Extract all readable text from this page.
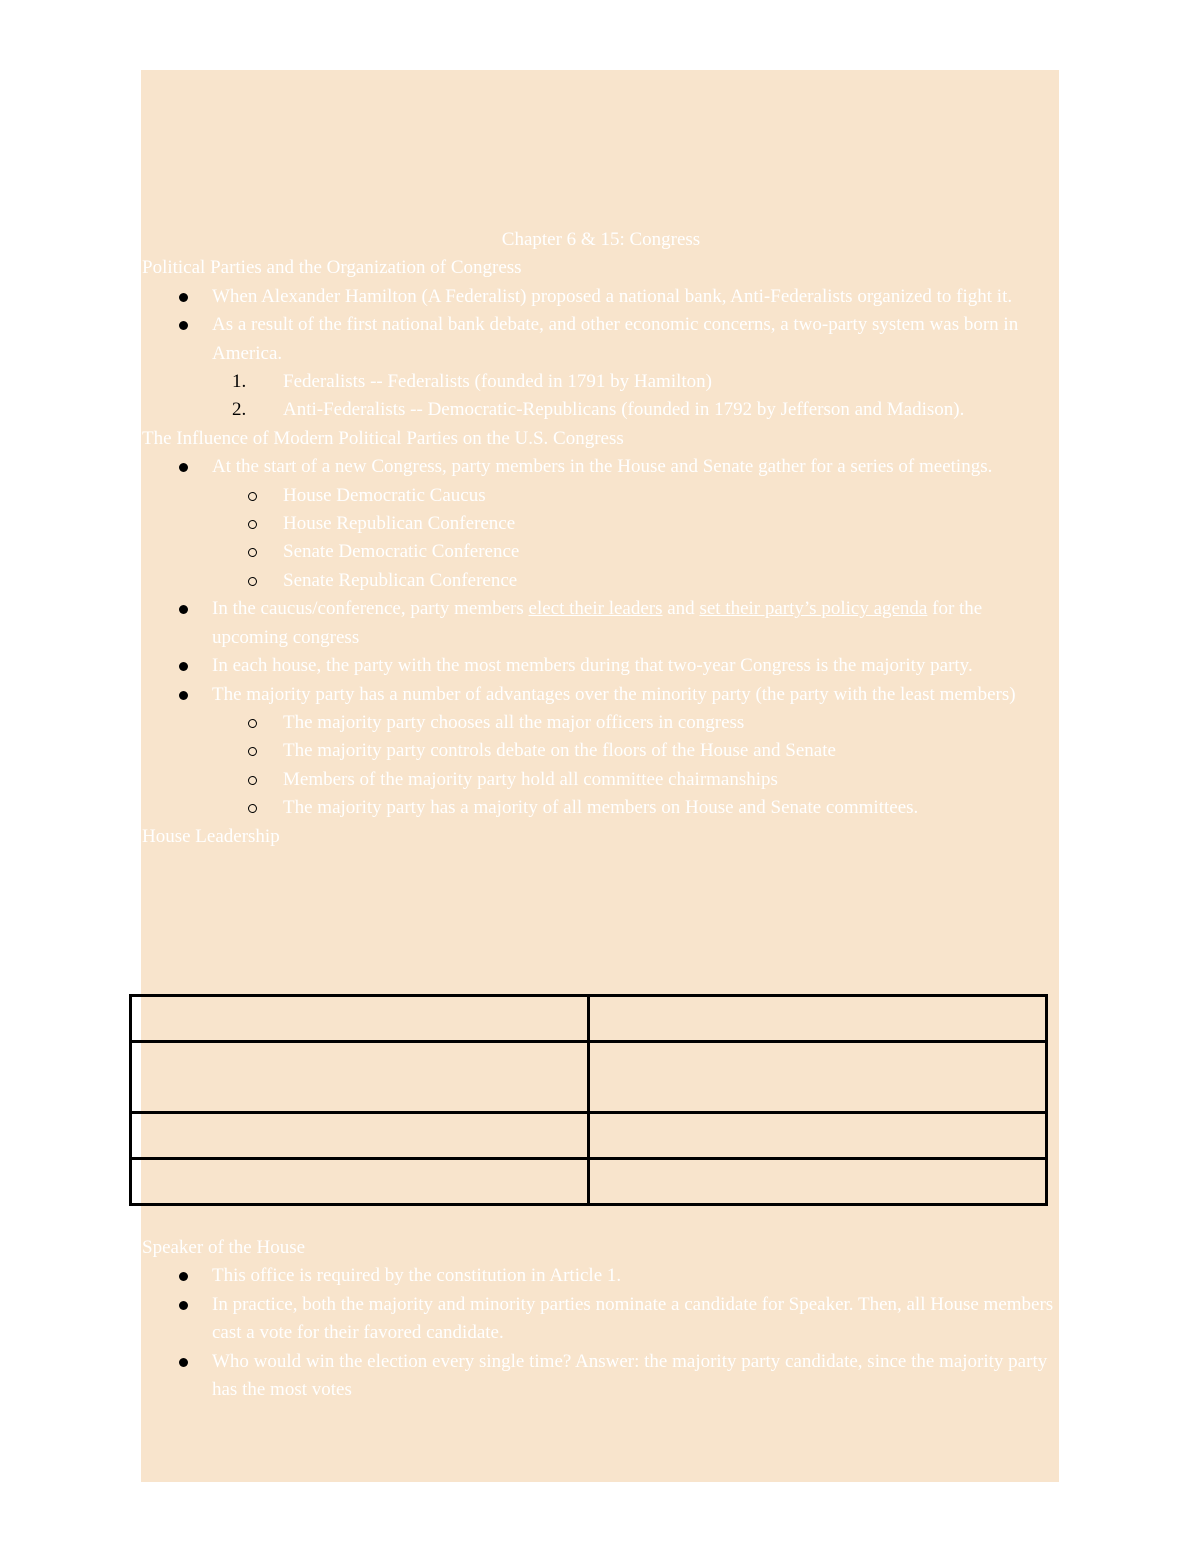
Chapter 6 & 15: Congress
Political Parties and the Organization of Congress
When Alexander Hamilton (A Federalist) proposed a national bank, Anti-Federalists organized to fight it.
As a result of the first national bank debate, and other economic concerns, a two-party system was born in America.
1. Federalists -- Federalists (founded in 1791 by Hamilton)
2. Anti-Federalists -- Democratic-Republicans (founded in 1792 by Jefferson and Madison).
The Influence of Modern Political Parties on the U.S. Congress
At the start of a new Congress, party members in the House and Senate gather for a series of meetings.
House Democratic Caucus
House Republican Conference
Senate Democratic Conference
Senate Republican Conference
In the caucus/conference, party members elect their leaders and set their party’s policy agenda for the upcoming congress
In each house, the party with the most members during that two-year Congress is the majority party.
The majority party has a number of advantages over the minority party (the party with the least members)
The majority party chooses all the major officers in congress
The majority party controls debate on the floors of the House and Senate
Members of the majority party hold all committee chairmanships
The majority party has a majority of all members on House and Senate committees.
House Leadership

Speaker of the House
This office is required by the constitution in Article 1.
In practice, both the majority and minority parties nominate a candidate for Speaker. Then, all House members cast a vote for their favored candidate.
Who would win the election every single time? Answer: the majority party candidate, since the majority party has the most votes
